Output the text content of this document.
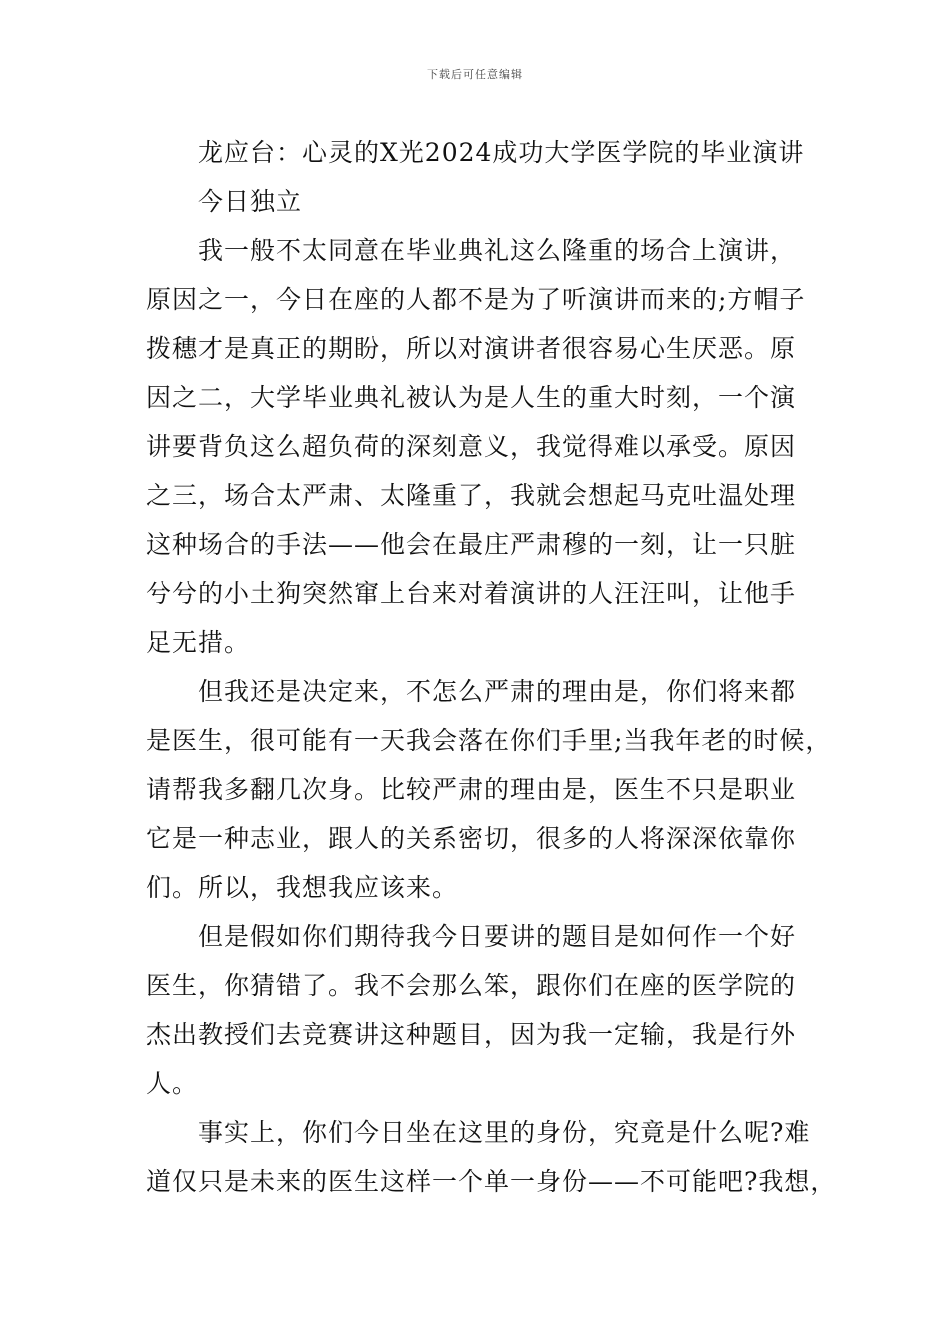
下载后可任意编辑
龙应台：心灵的X光2024成功大学医学院的毕业演讲
今日独立
我一般不太同意在毕业典礼这么隆重的场合上演讲，
原因之一，今日在座的人都不是为了听演讲而来的;方帽子
拨穗才是真正的期盼，所以对演讲者很容易心生厌恶。原
因之二，大学毕业典礼被认为是人生的重大时刻，一个演
讲要背负这么超负荷的深刻意义，我觉得难以承受。原因
之三，场合太严肃、太隆重了，我就会想起马克吐温处理
这种场合的手法——他会在最庄严肃穆的一刻，让一只脏
兮兮的小土狗突然窜上台来对着演讲的人汪汪叫，让他手
足无措。
但我还是决定来，不怎么严肃的理由是，你们将来都
是医生，很可能有一天我会落在你们手里;当我年老的时候，
请帮我多翻几次身。比较严肃的理由是，医生不只是职业
它是一种志业，跟人的关系密切，很多的人将深深依靠你
们。所以，我想我应该来。
但是假如你们期待我今日要讲的题目是如何作一个好
医生，你猜错了。我不会那么笨，跟你们在座的医学院的
杰出教授们去竞赛讲这种题目，因为我一定输，我是行外
人。
事实上，你们今日坐在这里的身份，究竟是什么呢?难
道仅只是未来的医生这样一个单一身份——不可能吧?我想，
